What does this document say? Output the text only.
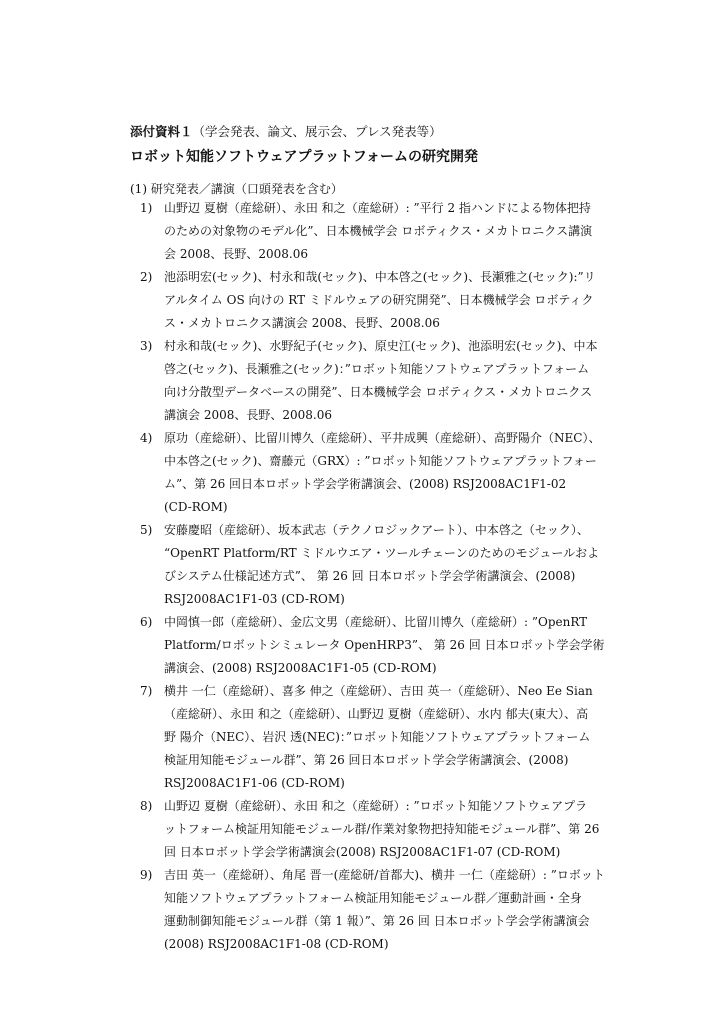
添付資料１（学会発表、論文、展示会、プレス発表等）
ロボット知能ソフトウェアプラットフォームの研究開発
(1) 研究発表／講演（口頭発表を含む）
1) 山野辺 夏樹（産総研）、永田 和之（産総研）: ”平行 2 指ハンドによる物体把持
のための対象物のモデル化”、日本機械学会 ロボティクス・メカトロニクス講演
会 2008、長野、2008.06
2) 池添明宏(セック)、村永和哉(セック)、中本啓之(セック)、長瀬雅之(セック):”リ
アルタイム OS 向けの RT ミドルウェアの研究開発”、日本機械学会 ロボティク
ス・メカトロニクス講演会 2008、長野、2008.06
3) 村永和哉(セック)、水野紀子(セック)、原史江(セック)、池添明宏(セック)、中本
啓之(セック)、長瀬雅之(セック)：”ロボット知能ソフトウェアプラットフォーム
向け分散型データベースの開発”、日本機械学会 ロボティクス・メカトロニクス
講演会 2008、長野、2008.06
4) 原功（産総研）、比留川博久（産総研）、平井成興（産総研）、高野陽介（NEC）、
中本啓之(セック)、齋藤元（GRX）: ”ロボット知能ソフトウェアプラットフォー
ム”、第 26 回日本ロボット学会学術講演会、(2008) RSJ2008AC1F1-02
(CD-ROM)
5) 安藤慶昭（産総研）、坂本武志（テクノロジックアート）、中本啓之（セック）、
“OpenRT Platform/RT ミドルウエア・ツールチェーンのためのモジュールおよ
びシステム仕様記述方式”、 第 26 回 日本ロボット学会学術講演会、(2008)
RSJ2008AC1F1-03 (CD-ROM)
6) 中岡慎一郎（産総研）、金広文男（産総研）、比留川博久（産総研）: ”OpenRT
Platform/ロボットシミュレータ OpenHRP3”、 第 26 回 日本ロボット学会学術
講演会、(2008) RSJ2008AC1F1-05 (CD-ROM)
7) 横井 一仁（産総研）、喜多 伸之（産総研）、吉田 英一（産総研）、Neo Ee Sian
（産総研）、永田 和之（産総研）、山野辺 夏樹（産総研）、水内 郁夫(東大）、高
野 陽介（NEC）、岩沢 透(NEC)：”ロボット知能ソフトウェアプラットフォーム
検証用知能モジュール群”、第 26 回日本ロボット学会学術講演会、(2008)
RSJ2008AC1F1-06 (CD-ROM)
8) 山野辺 夏樹（産総研）、永田 和之（産総研）: ”ロボット知能ソフトウェアプラ
ットフォーム検証用知能モジュール群/作業対象物把持知能モジュール群”、第 26
回 日本ロボット学会学術講演会(2008) RSJ2008AC1F1-07 (CD-ROM)
9) 吉田 英一（産総研）、角尾 晋一(産総研/首都大)、横井 一仁（産総研）: ”ロボット
知能ソフトウェアプラットフォーム検証用知能モジュール群／運動計画・全身
運動制御知能モジュール群（第 1 報）”、第 26 回 日本ロボット学会学術講演会
(2008) RSJ2008AC1F1-08 (CD-ROM)
